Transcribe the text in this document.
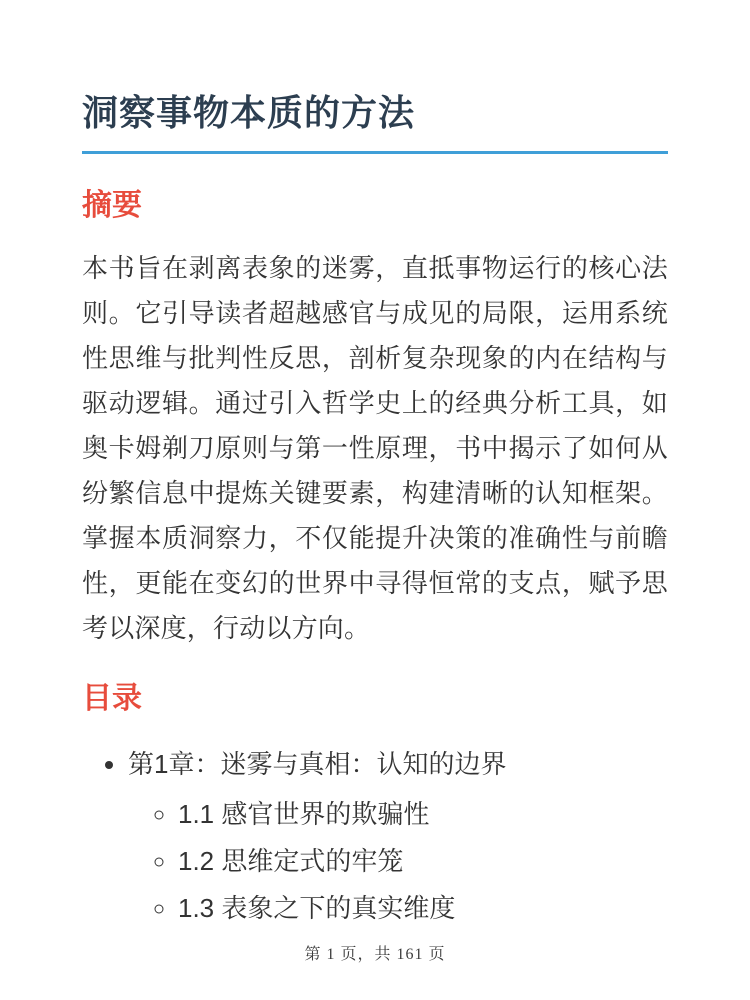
洞察事物本质的方法
摘要

本书旨在剥离表象的迷雾，直抵事物运行的核心法则。它引导读者超越感官与成见的局限，运用系统性思维与批判性反思，剖析复杂现象的内在结构与驱动逻辑。通过引入哲学史上的经典分析工具，如奥卡姆剃刀原则与第一性原理，书中揭示了如何从纷繁信息中提炼关键要素，构建清晰的认知框架。掌握本质洞察力，不仅能提升决策的准确性与前瞻性，更能在变幻的世界中寻得恒常的支点，赋予思考以深度，行动以方向。

目录
• 第1章：迷雾与真相：认知的边界
◦ 1.1 感官世界的欺骗性
◦ 1.2 思维定式的牢笼
◦ 1.3 表象之下的真实维度
第 1 页，共 161 页
